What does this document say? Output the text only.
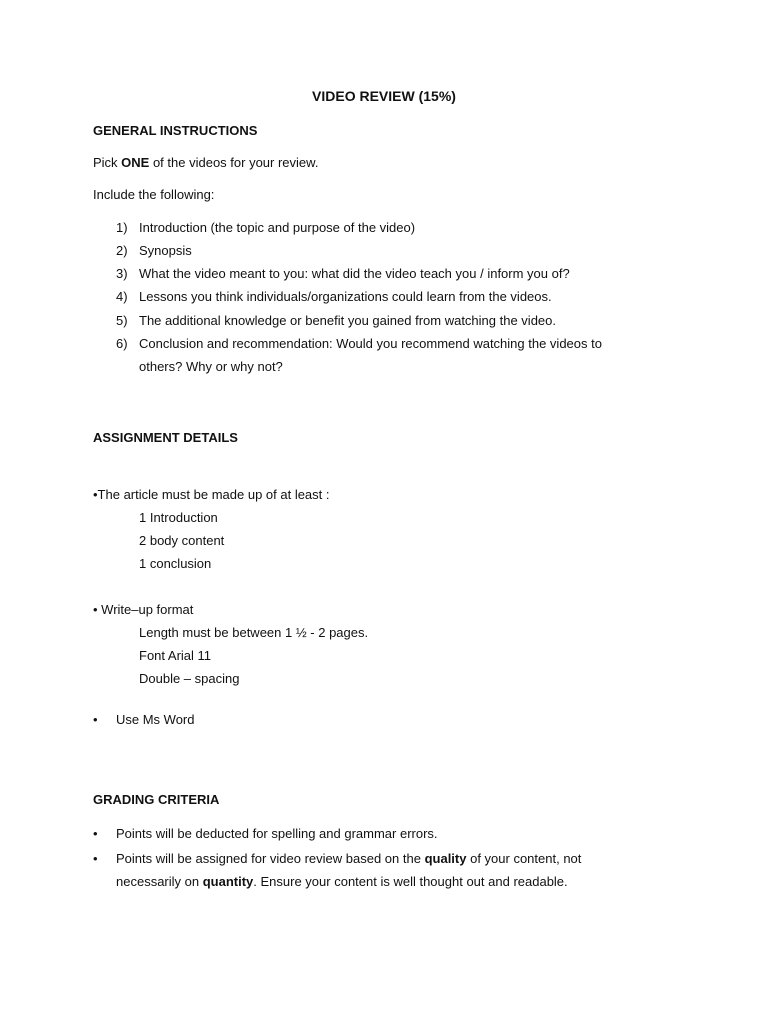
VIDEO REVIEW (15%)
GENERAL INSTRUCTIONS
Pick ONE of the videos for your review.
Include the following:
1) Introduction (the topic and purpose of the video)
2) Synopsis
3) What the video meant to you: what did the video teach you / inform you of?
4) Lessons you think individuals/organizations could learn from the videos.
5) The additional knowledge or benefit you gained from watching the video.
6) Conclusion and recommendation: Would you recommend watching the videos to
others? Why or why not?
ASSIGNMENT DETAILS
•The article must be made up of at least :
1 Introduction
2 body content
1 conclusion
• Write–up format
Length must be between 1 ½ - 2 pages.
Font Arial 11
Double – spacing
• Use Ms Word
GRADING CRITERIA
• Points will be deducted for spelling and grammar errors.
• Points will be assigned for video review based on the quality of your content, not
necessarily on quantity. Ensure your content is well thought out and readable.
